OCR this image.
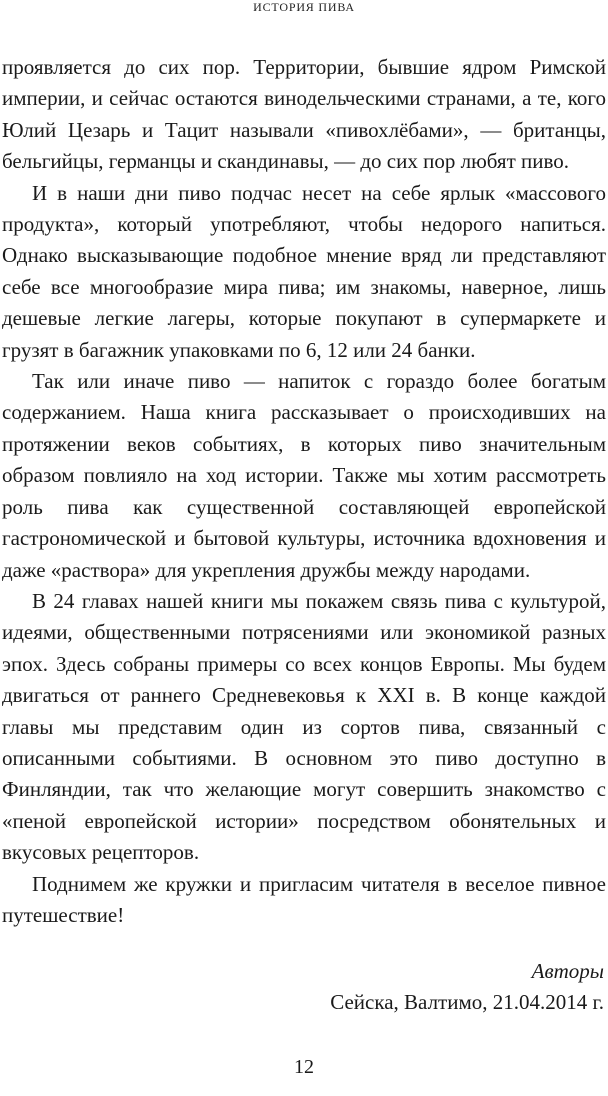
ИСТОРИЯ ПИВА

проявляется до сих пор. Территории, бывшие ядром Римской империи, и сейчас остаются винодельческими странами, а те, кого Юлий Цезарь и Тацит называли «пивохлёбами», — британцы, бельгийцы, германцы и скандинавы, — до сих пор любят пиво.

И в наши дни пиво подчас несет на себе ярлык «массового продукта», который употребляют, чтобы недорого напиться. Однако высказывающие подобное мнение вряд ли представляют себе все многообразие мира пива; им знакомы, наверное, лишь дешевые легкие лагеры, которые покупают в супермаркете и грузят в багажник упаковками по 6, 12 или 24 банки.

Так или иначе пиво — напиток с гораздо более богатым содержанием. Наша книга рассказывает о происходивших на протяжении веков событиях, в которых пиво значительным образом повлияло на ход истории. Также мы хотим рассмотреть роль пива как существенной составляющей европейской гастрономической и бытовой культуры, источника вдохновения и даже «раствора» для укрепления дружбы между народами.

В 24 главах нашей книги мы покажем связь пива с культурой, идеями, общественными потрясениями или экономикой разных эпох. Здесь собраны примеры со всех концов Европы. Мы будем двигаться от раннего Средневековья к XXI в. В конце каждой главы мы представим один из сортов пива, связанный с описанными событиями. В основном это пиво доступно в Финляндии, так что желающие могут совершить знакомство с «пеной европейской истории» посредством обонятельных и вкусовых рецепторов.

Поднимем же кружки и пригласим читателя в веселое пивное путешествие!

Авторы
Сейска, Валтимо, 21.04.2014 г.
12
